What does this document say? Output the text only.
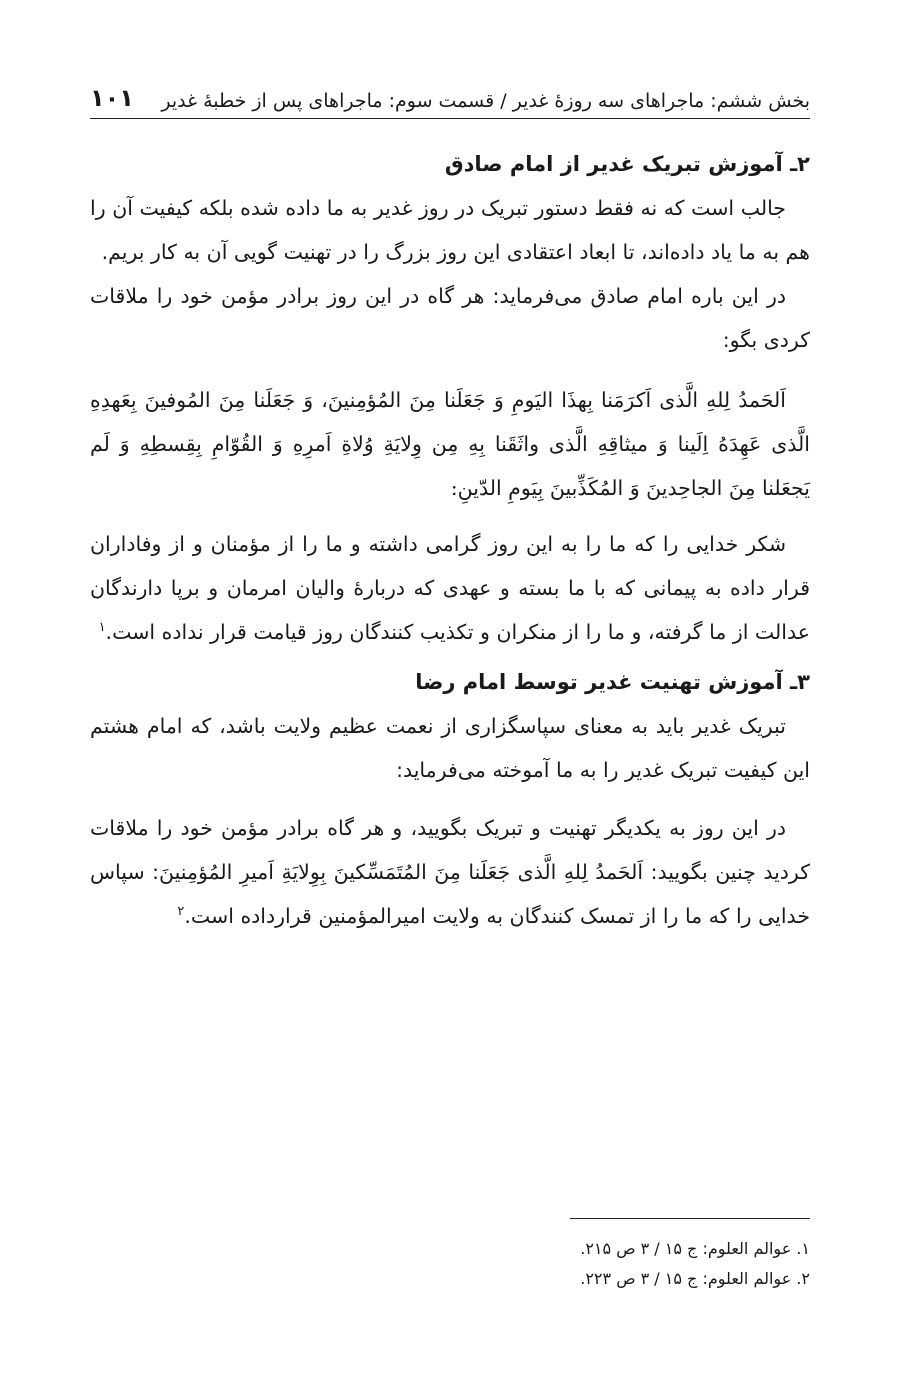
بخش ششم: ماجراهای سه روزهٔ غدیر / قسمت سوم: ماجراهای پس از خطبهٔ غدیر
۱۰۱
۲ـ آموزش تبریک غدیر از امام صادق

جالب است که نه فقط دستور تبریک در روز غدیر به ما داده شده بلکه کیفیت آن را هم به ما یاد داده‌اند، تا ابعاد اعتقادی این روز بزرگ را در تهنیت گویی آن به کار بریم.

در این باره امام صادق می‌فرماید: هر گاه در این روز برادر مؤمن خود را ملاقات کردی بگو:

اَلحَمدُ لِلهِ الَّذی اَکرَمَنا بِهذَا الیَومِ وَ جَعَلَنا مِنَ المُؤمِنینَ، وَ جَعَلَنا مِنَ المُوفینَ بِعَهدِهِ الَّذی عَهِدَهُ اِلَینا وَ میثاقِهِ الَّذی واثَقَنا بِهِ مِن وِلایَةِ وُلاةِ اَمرِهِ وَ القُوّامِ بِقِسطِهِ وَ لَم یَجعَلنا مِنَ الجاحِدینَ وَ المُکَذِّبینَ بِیَومِ الدّینِ:

شکر خدایی را که ما را به این روز گرامی داشته و ما را از مؤمنان و از وفاداران قرار داده به پیمانی که با ما بسته و عهدی که دربارهٔ والیان امرمان و برپا دارندگان عدالت از ما گرفته، و ما را از منکران و تکذیب کنندگان روز قیامت قرار نداده است.$^۱$

۳ـ آموزش تهنیت غدیر توسط امام رضا

تبریک غدیر باید به معنای سپاسگزاری از نعمت عظیم ولایت باشد، که امام هشتم این کیفیت تبریک غدیر را به ما آموخته می‌فرماید:

در این روز به یکدیگر تهنیت و تبریک بگویید، و هر گاه برادر مؤمن خود را ملاقات کردید چنین بگویید: اَلحَمدُ لِلهِ الَّذی جَعَلَنا مِنَ المُتَمَسِّکینَ بِوِلایَةِ اَمیرِ المُؤمِنینَ: سپاس خدایی را که ما را از تمسک کنندگان به ولایت امیرالمؤمنین قرارداده است.$^۲$

۱. عوالم العلوم: ج ۱۵ / ۳ ص ۲۱۵.
۲. عوالم العلوم: ج ۱۵ / ۳ ص ۲۲۳.
